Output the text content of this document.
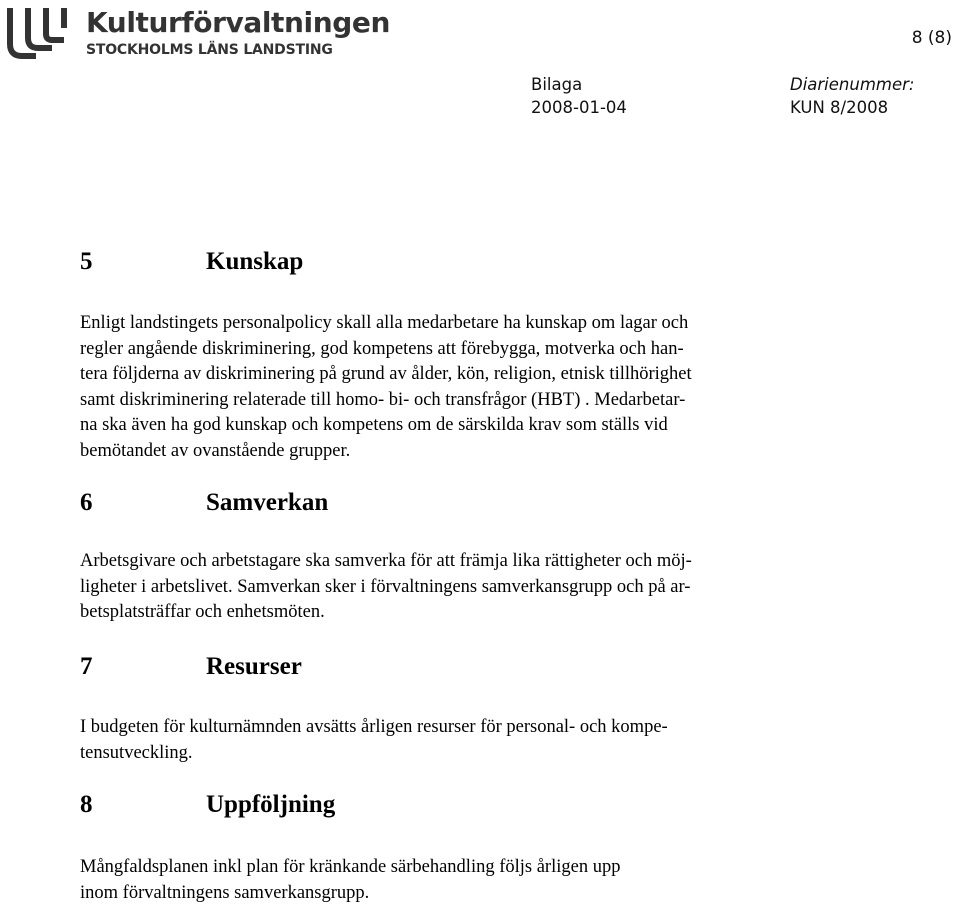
Kulturförvaltningen
STOCKHOLMS LÄNS LANDSTING
8 (8)
Bilaga	Diarienummer:
2008-01-04	KUN 8/2008
5	Kunskap
Enligt landstingets personalpolicy skall alla medarbetare ha kunskap om lagar och
regler angående diskriminering, god kompetens att förebygga, motverka och han-
tera följderna av diskriminering på grund av ålder, kön, religion, etnisk tillhörighet
samt diskriminering relaterade till homo- bi- och transfrågor (HBT) . Medarbetar-
na ska även ha god kunskap och kompetens om de särskilda krav som ställs vid
bemötandet av ovanstående grupper.
6	Samverkan
Arbetsgivare och arbetstagare ska samverka för att främja lika rättigheter och möj-
ligheter i arbetslivet. Samverkan sker i förvaltningens samverkansgrupp och på ar-
betsplatsträffar och enhetsmöten.
7	Resurser
I budgeten för kulturnämnden avsätts årligen resurser för personal- och kompe-
tensutveckling.
8	Uppföljning
Mångfaldsplanen inkl plan för kränkande särbehandling följs årligen upp
inom förvaltningens samverkansgrupp.
